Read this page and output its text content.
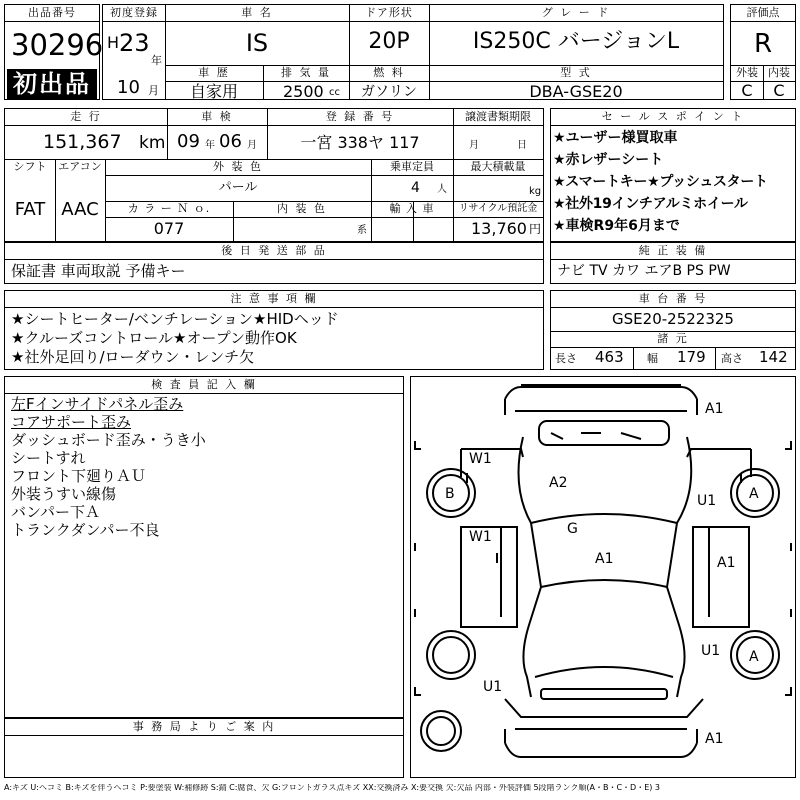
出品番号
30296
初出品
初度登録
H 23
年
10 月
車 名
IS
ドア形状
20P
グ レ ー ド
IS250C バージョンL
車 歴
自家用
排 気 量
2500 cc
燃 料
ガソリン
型 式
DBA-GSE20
評価点
R
外装 内装
C	C
走 行
151,367 km
車 検
09 年 06 月
登 録 番 号
一宮 338ヤ 117
譲渡書類期限
月	日
シフト
FAT
エアコン
AAC
外 装 色
パール
乗車定員
4 人
最大積載量
kg
カ ラ ー Ｎ ｏ.
077
内 装 色
系
輸 入 車	リサイクル預託金
13,760 円
後 日 発 送 部 品
保証書 車両取説 予備キー
セ ー ル ス ポ イ ン ト
★ユーザー様買取車
★赤レザーシート
★スマートキー★プッシュスタート
★社外19インチアルミホイール
★車検R9年6月まで
純 正 装 備
ナビ TV カワ エアB PS PW
注 意 事 項 欄
★シートヒーター/ベンチレーション★HIDヘッド
★クルーズコントロール★オープン動作OK
★社外足回り/ローダウン・レンチ欠
車 台 番 号
GSE20-2522325
諸 元
長さ 463 幅 179 高さ 142
検 査 員 記 入 欄
左Fインサイドパネル歪み
コアサポート歪み
ダッシュボード歪み・うき小
シートすれ
フロント下廻りＡＵ
外装うすい線傷
バンパー下Ａ
トランクダンパー不良
事 務 局 よ り ご 案 内
A1
W1
A2
B	A
U1
G
W1
A1	A1
U1 A
U1
A1
A:キズ U:ヘコミ B:キズを伴うヘコミ P:要塗装 W:補修跡 S:錆 C:腐食、欠 G:フロントガラス点キズ XX:交換済み X:要交換 欠:欠品 内部・外装評価 5段階ランク順(A・B・C・D・E) 3
